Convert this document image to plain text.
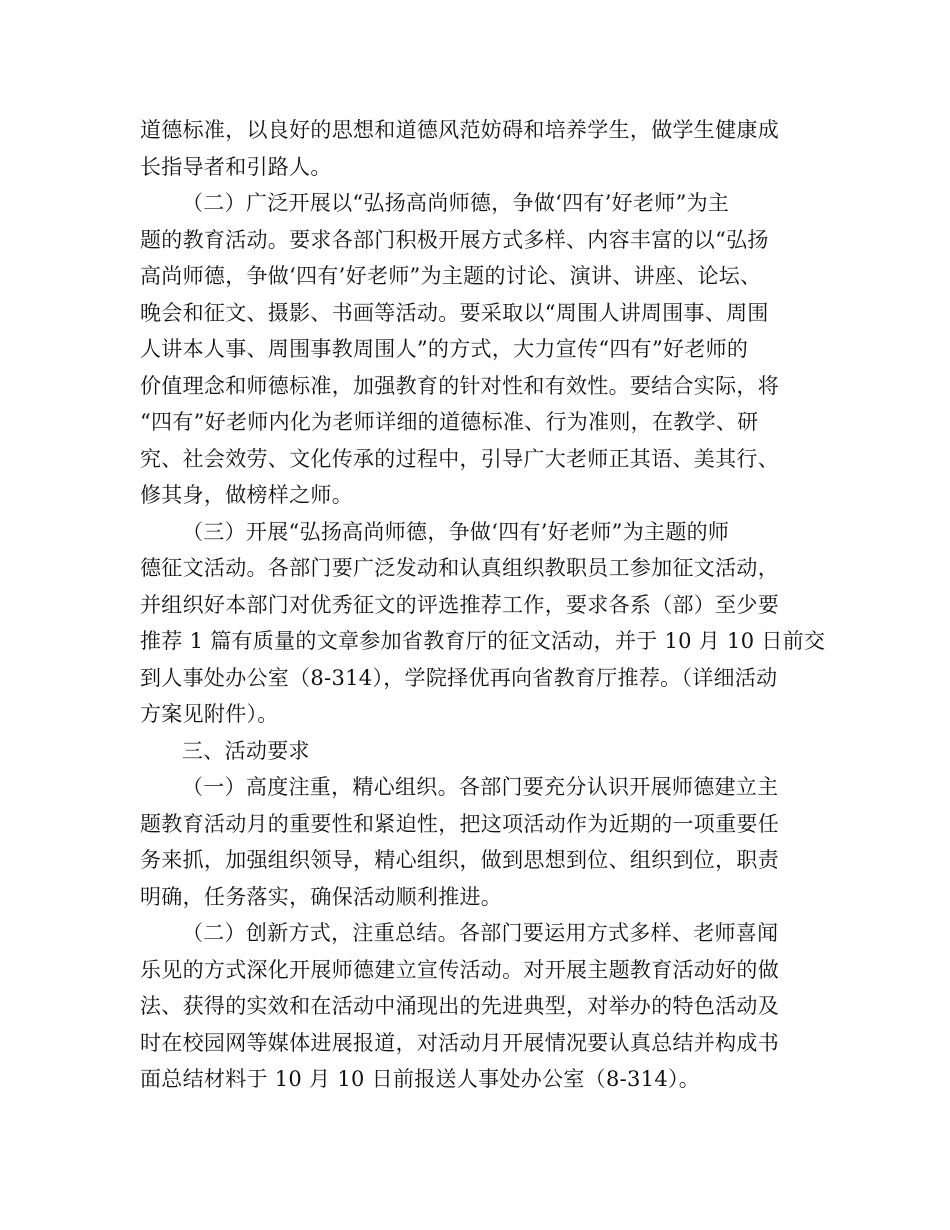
道德标准，以良好的思想和道德风范妨碍和培养学生，做学生健康成
长指导者和引路人。
（二）广泛开展以“弘扬高尚师德，争做‘四有’好老师”为主
题的教育活动。要求各部门积极开展方式多样、内容丰富的以“弘扬
高尚师德，争做‘四有’好老师”为主题的讨论、演讲、讲座、论坛、
晚会和征文、摄影、书画等活动。要采取以“周围人讲周围事、周围
人讲本人事、周围事教周围人”的方式，大力宣传“四有”好老师的
价值理念和师德标准，加强教育的针对性和有效性。要结合实际，将
“四有”好老师内化为老师详细的道德标准、行为准则，在教学、研
究、社会效劳、文化传承的过程中，引导广大老师正其语、美其行、
修其身，做榜样之师。
（三）开展“弘扬高尚师德，争做‘四有’好老师”为主题的师
德征文活动。各部门要广泛发动和认真组织教职员工参加征文活动，
并组织好本部门对优秀征文的评选推荐工作，要求各系（部）至少要
推荐 1 篇有质量的文章参加省教育厅的征文活动，并于 10 月 10 日前交
到人事处办公室（8-314），学院择优再向省教育厅推荐。（详细活动
方案见附件）。
三、活动要求
（一）高度注重，精心组织。各部门要充分认识开展师德建立主
题教育活动月的重要性和紧迫性，把这项活动作为近期的一项重要任
务来抓，加强组织领导，精心组织，做到思想到位、组织到位，职责
明确，任务落实，确保活动顺利推进。
（二）创新方式，注重总结。各部门要运用方式多样、老师喜闻
乐见的方式深化开展师德建立宣传活动。对开展主题教育活动好的做
法、获得的实效和在活动中涌现出的先进典型，对举办的特色活动及
时在校园网等媒体进展报道，对活动月开展情况要认真总结并构成书
面总结材料于 10 月 10 日前报送人事处办公室（8-314）。
